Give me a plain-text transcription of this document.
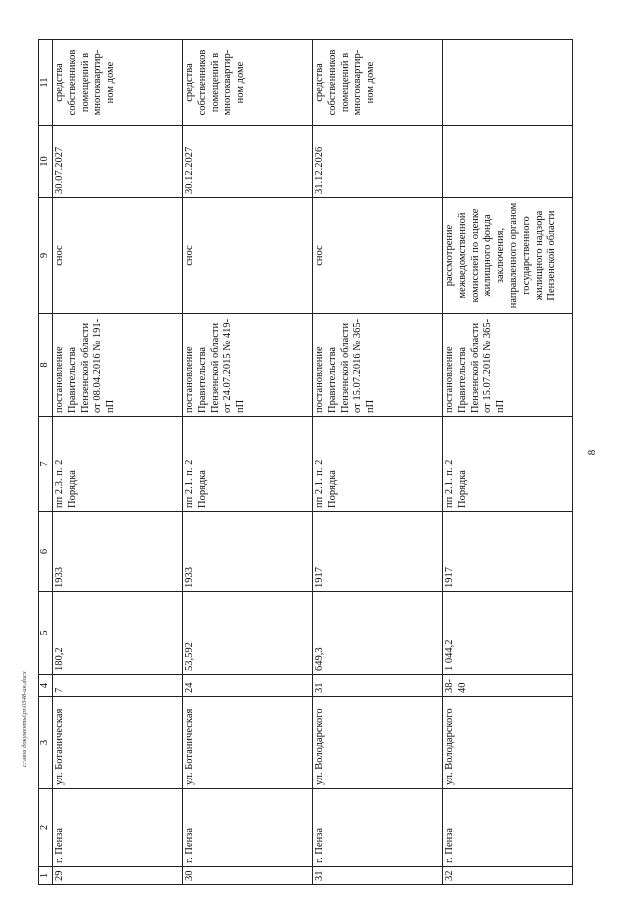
8
c:\мои документы\рз\0348-ин.docx
1	2	3	4	5	6	7	8	9	10	11
29	г. Пенза	ул. Ботаническая	7	180,2	1933	пп 2.3. п. 2 Порядка	постановление Правительства Пензенской области от 08.04.2016 № 191-пП	снос	30.07.2027	средства собственников помещений в многоквартир-ном доме
30	г. Пенза	ул. Ботаническая	24	53,592	1933	пп 2.1. п. 2 Порядка	постановление Правительства Пензенской области от 24.07.2015 № 419-пП	снос	30.12.2027	средства собственников помещений в многоквартир-ном доме
31	г. Пенза	ул. Володарского	31	649,3	1917	пп 2.1. п. 2 Порядка	постановление Правительства Пензенской области от 15.07.2016 № 365-пП	снос	31.12.2026	средства собственников помещений в многоквартир-ном доме
32	г. Пенза	ул. Володарского	38-40	1 044,2	1917	пп 2.1. п. 2 Порядка	постановление Правительства Пензенской области от 15.07.2016 № 365-пП	рассмотрение межведомственной комиссией по оценке жилищного фонда заключения, направленного органом государственного жилищного надзора Пензенской области		
